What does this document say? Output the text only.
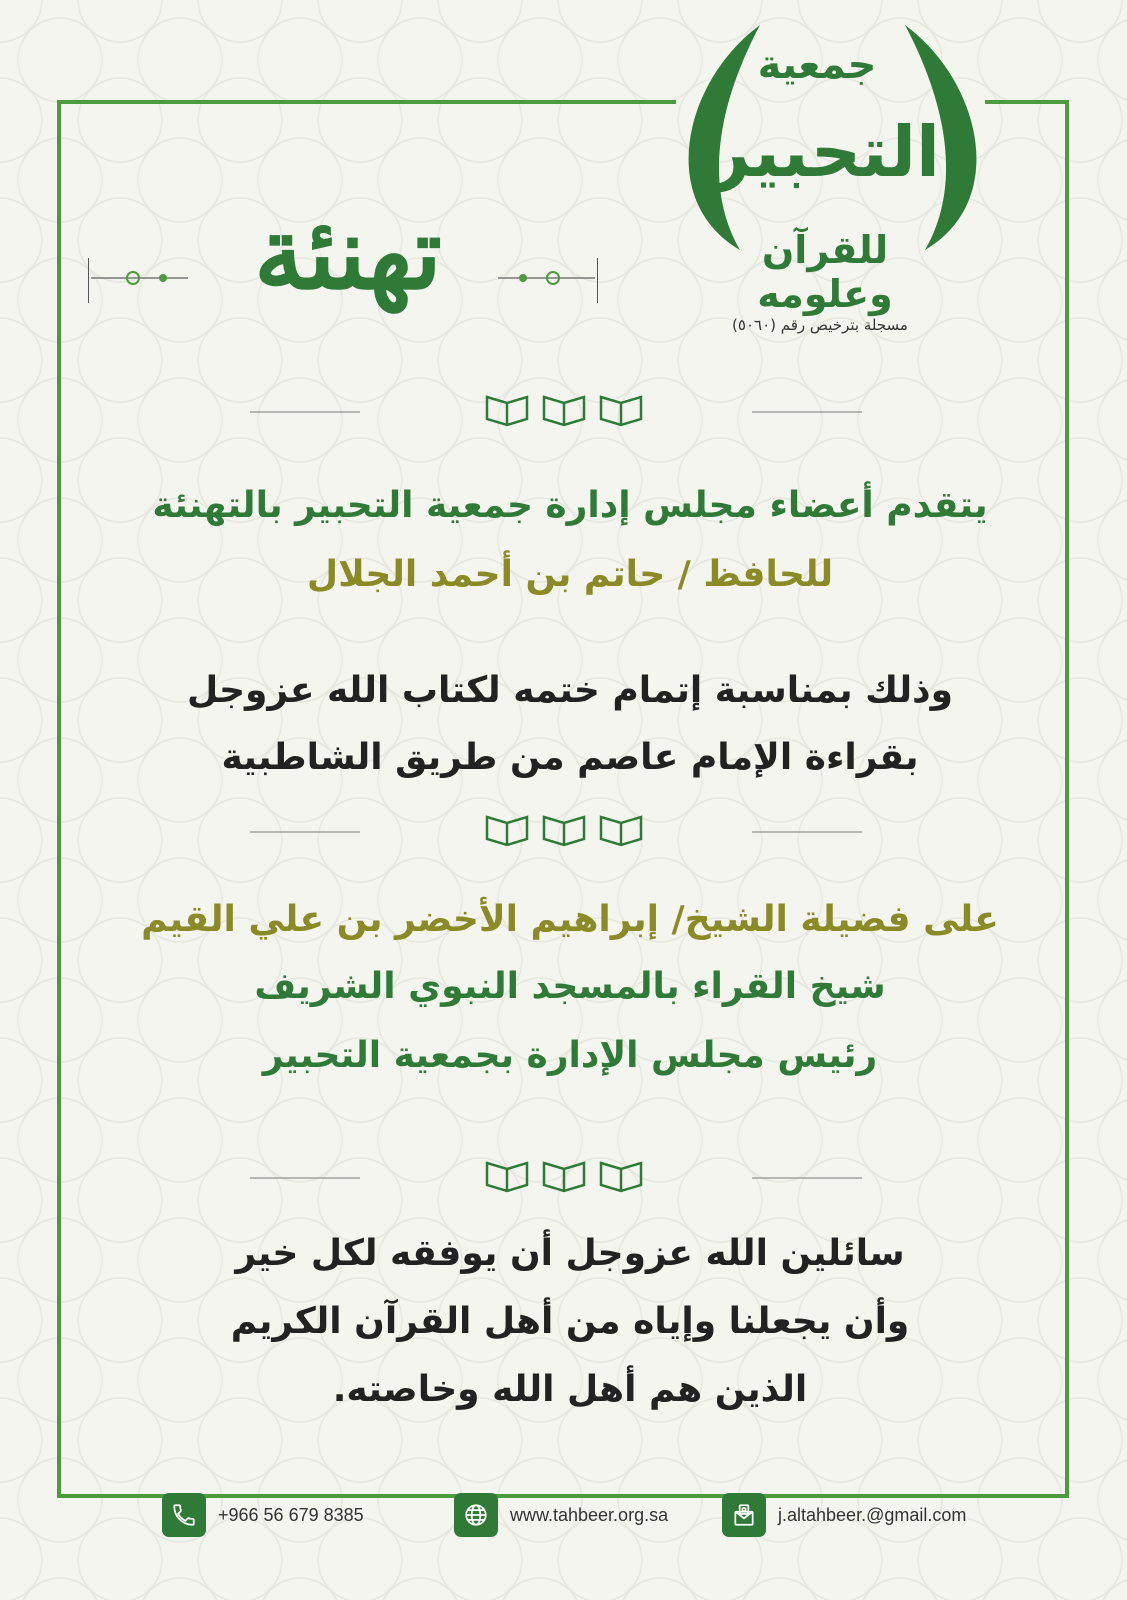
جمعية
التحبير
للقرآن وعلومه
مسجلة بترخيص رقم (٥٠٦٠)
تهنئة
يتقدم أعضاء مجلس إدارة جمعية التحبير بالتهنئة
للحافظ / حاتم بن أحمد الجلال
وذلك بمناسبة إتمام ختمه لكتاب الله عزوجل
بقراءة الإمام عاصم من طريق الشاطبية
على فضيلة الشيخ/ إبراهيم الأخضر بن علي القيم
شيخ القراء بالمسجد النبوي الشريف
رئيس مجلس الإدارة بجمعية التحبير
سائلين الله عزوجل أن يوفقه لكل خير
وأن يجعلنا وإياه من أهل القرآن الكريم
الذين هم أهل الله وخاصته.
+966 56 679 8385	www.tahbeer.org.sa	j.altahbeer.@gmail.com
